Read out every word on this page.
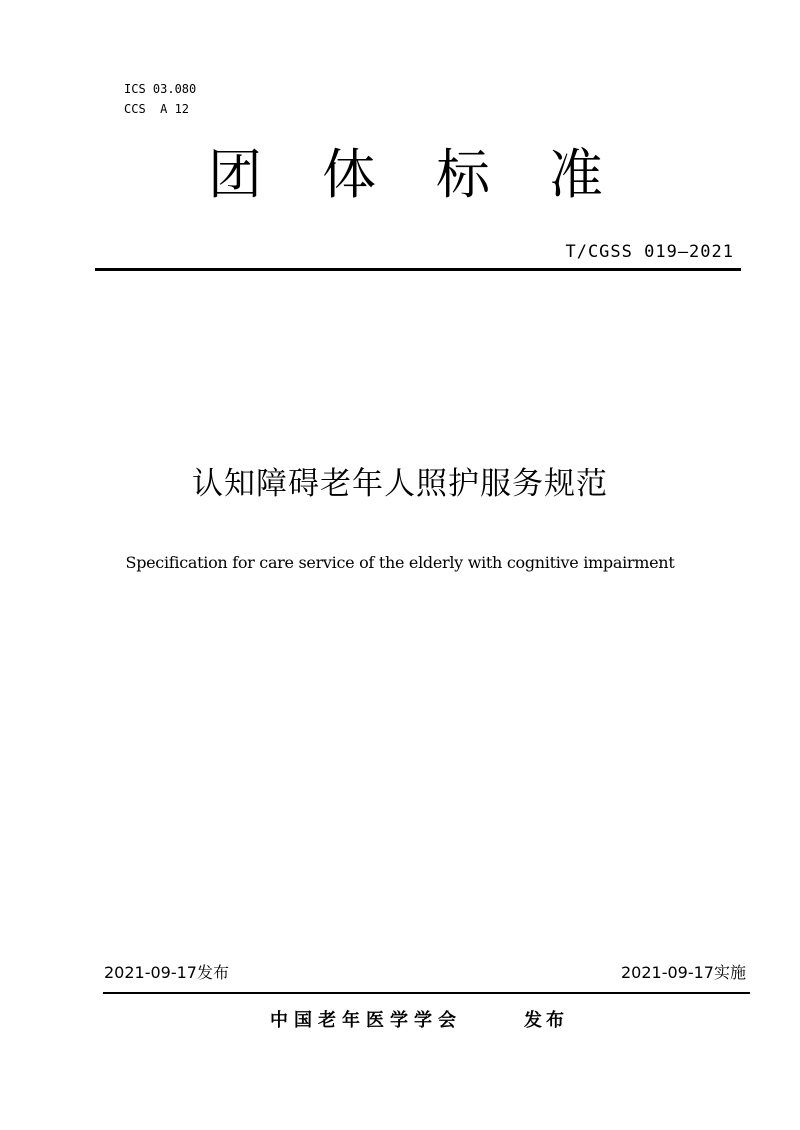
ICS 03.080
CCS  A 12
团 体 标 准
T/CGSS 019—2021
认知障碍老年人照护服务规范
Specification for care service of the elderly with cognitive impairment
2021-09-17发布	2021-09-17实施
中国老年医学学会	发布
